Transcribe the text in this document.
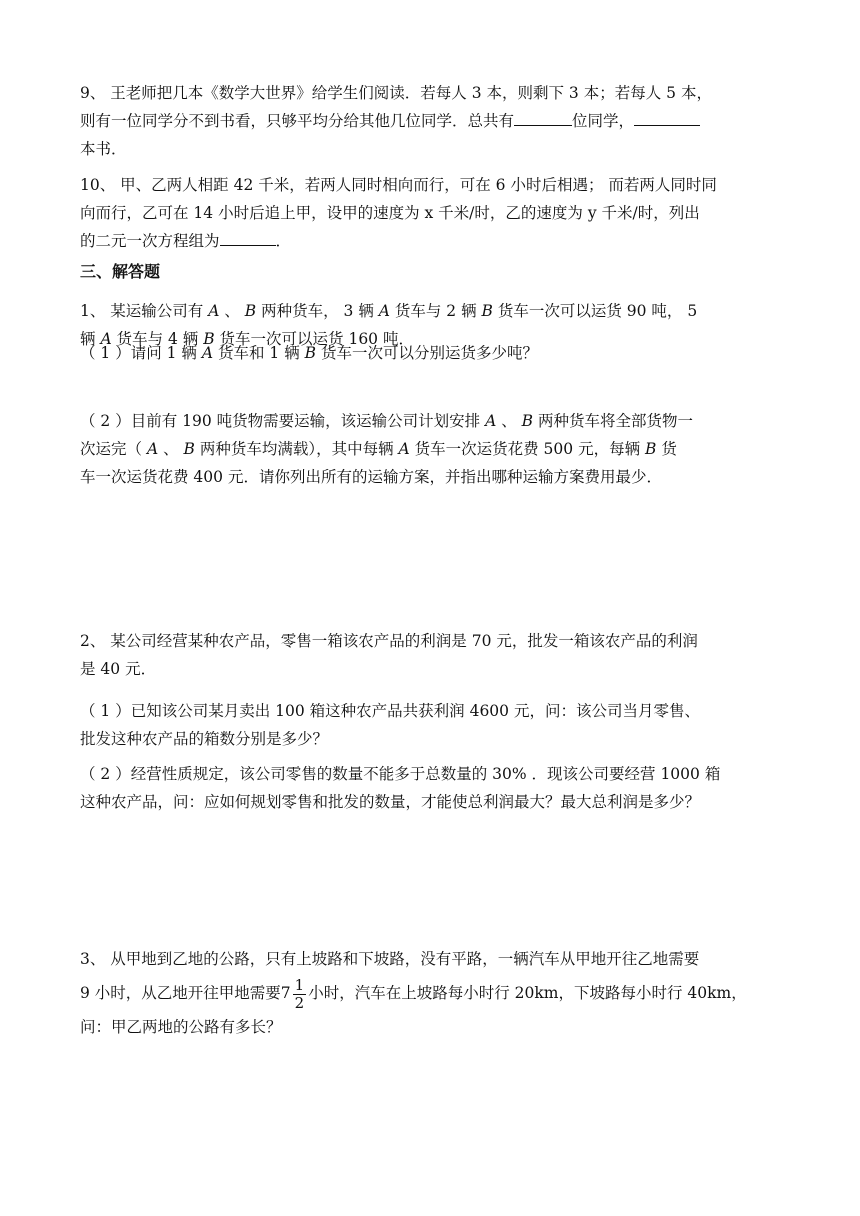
9、 王老师把几本《数学大世界》给学生们阅读．若每人 3 本，则剩下 3 本；若每人 5 本，

则有一位同学分不到书看，只够平均分给其他几位同学．总共有	位同学，

本书．

10、 甲、乙两人相距 42 千米，若两人同时相向而行，可在 6 小时后相遇； 而若两人同时同

向而行，乙可在 14 小时后追上甲，设甲的速度为 x 千米/时，乙的速度为 y 千米/时，列出

的二元一次方程组为	．

三、解答题

1、 某运输公司有 A 、 B 两种货车， 3 辆 A 货车与 2 辆 B 货车一次可以运货 90 吨， 5

辆 A 货车与 4 辆 B 货车一次可以运货 160 吨．

（ 1 ）请问 1 辆 A 货车和 1 辆 B 货车一次可以分别运货多少吨？

（ 2 ）目前有 190 吨货物需要运输，该运输公司计划安排 A 、 B 两种货车将全部货物一

次运完（ A 、 B 两种货车均满载），其中每辆 A 货车一次运货花费 500 元，每辆 B 货

车一次运货花费 400 元．请你列出所有的运输方案，并指出哪种运输方案费用最少．

2、 某公司经营某种农产品，零售一箱该农产品的利润是 70 元，批发一箱该农产品的利润

是 40 元．

（ 1 ）已知该公司某月卖出 100 箱这种农产品共获利润 4600 元，问：该公司当月零售、

批发这种农产品的箱数分别是多少？

（ 2 ）经营性质规定，该公司零售的数量不能多于总数量的 30% ．现该公司要经营 1000 箱

这种农产品，问：应如何规划零售和批发的数量，才能使总利润最大？最大总利润是多少？

3、 从甲地到乙地的公路，只有上坡路和下坡路，没有平路，一辆汽车从甲地开往乙地需要

9 小时，从乙地开往甲地需要$7 \frac{1}{2}$ 小时，汽车在上坡路每小时行 20km，下坡路每小时行 40km，

问：甲乙两地的公路有多长？
